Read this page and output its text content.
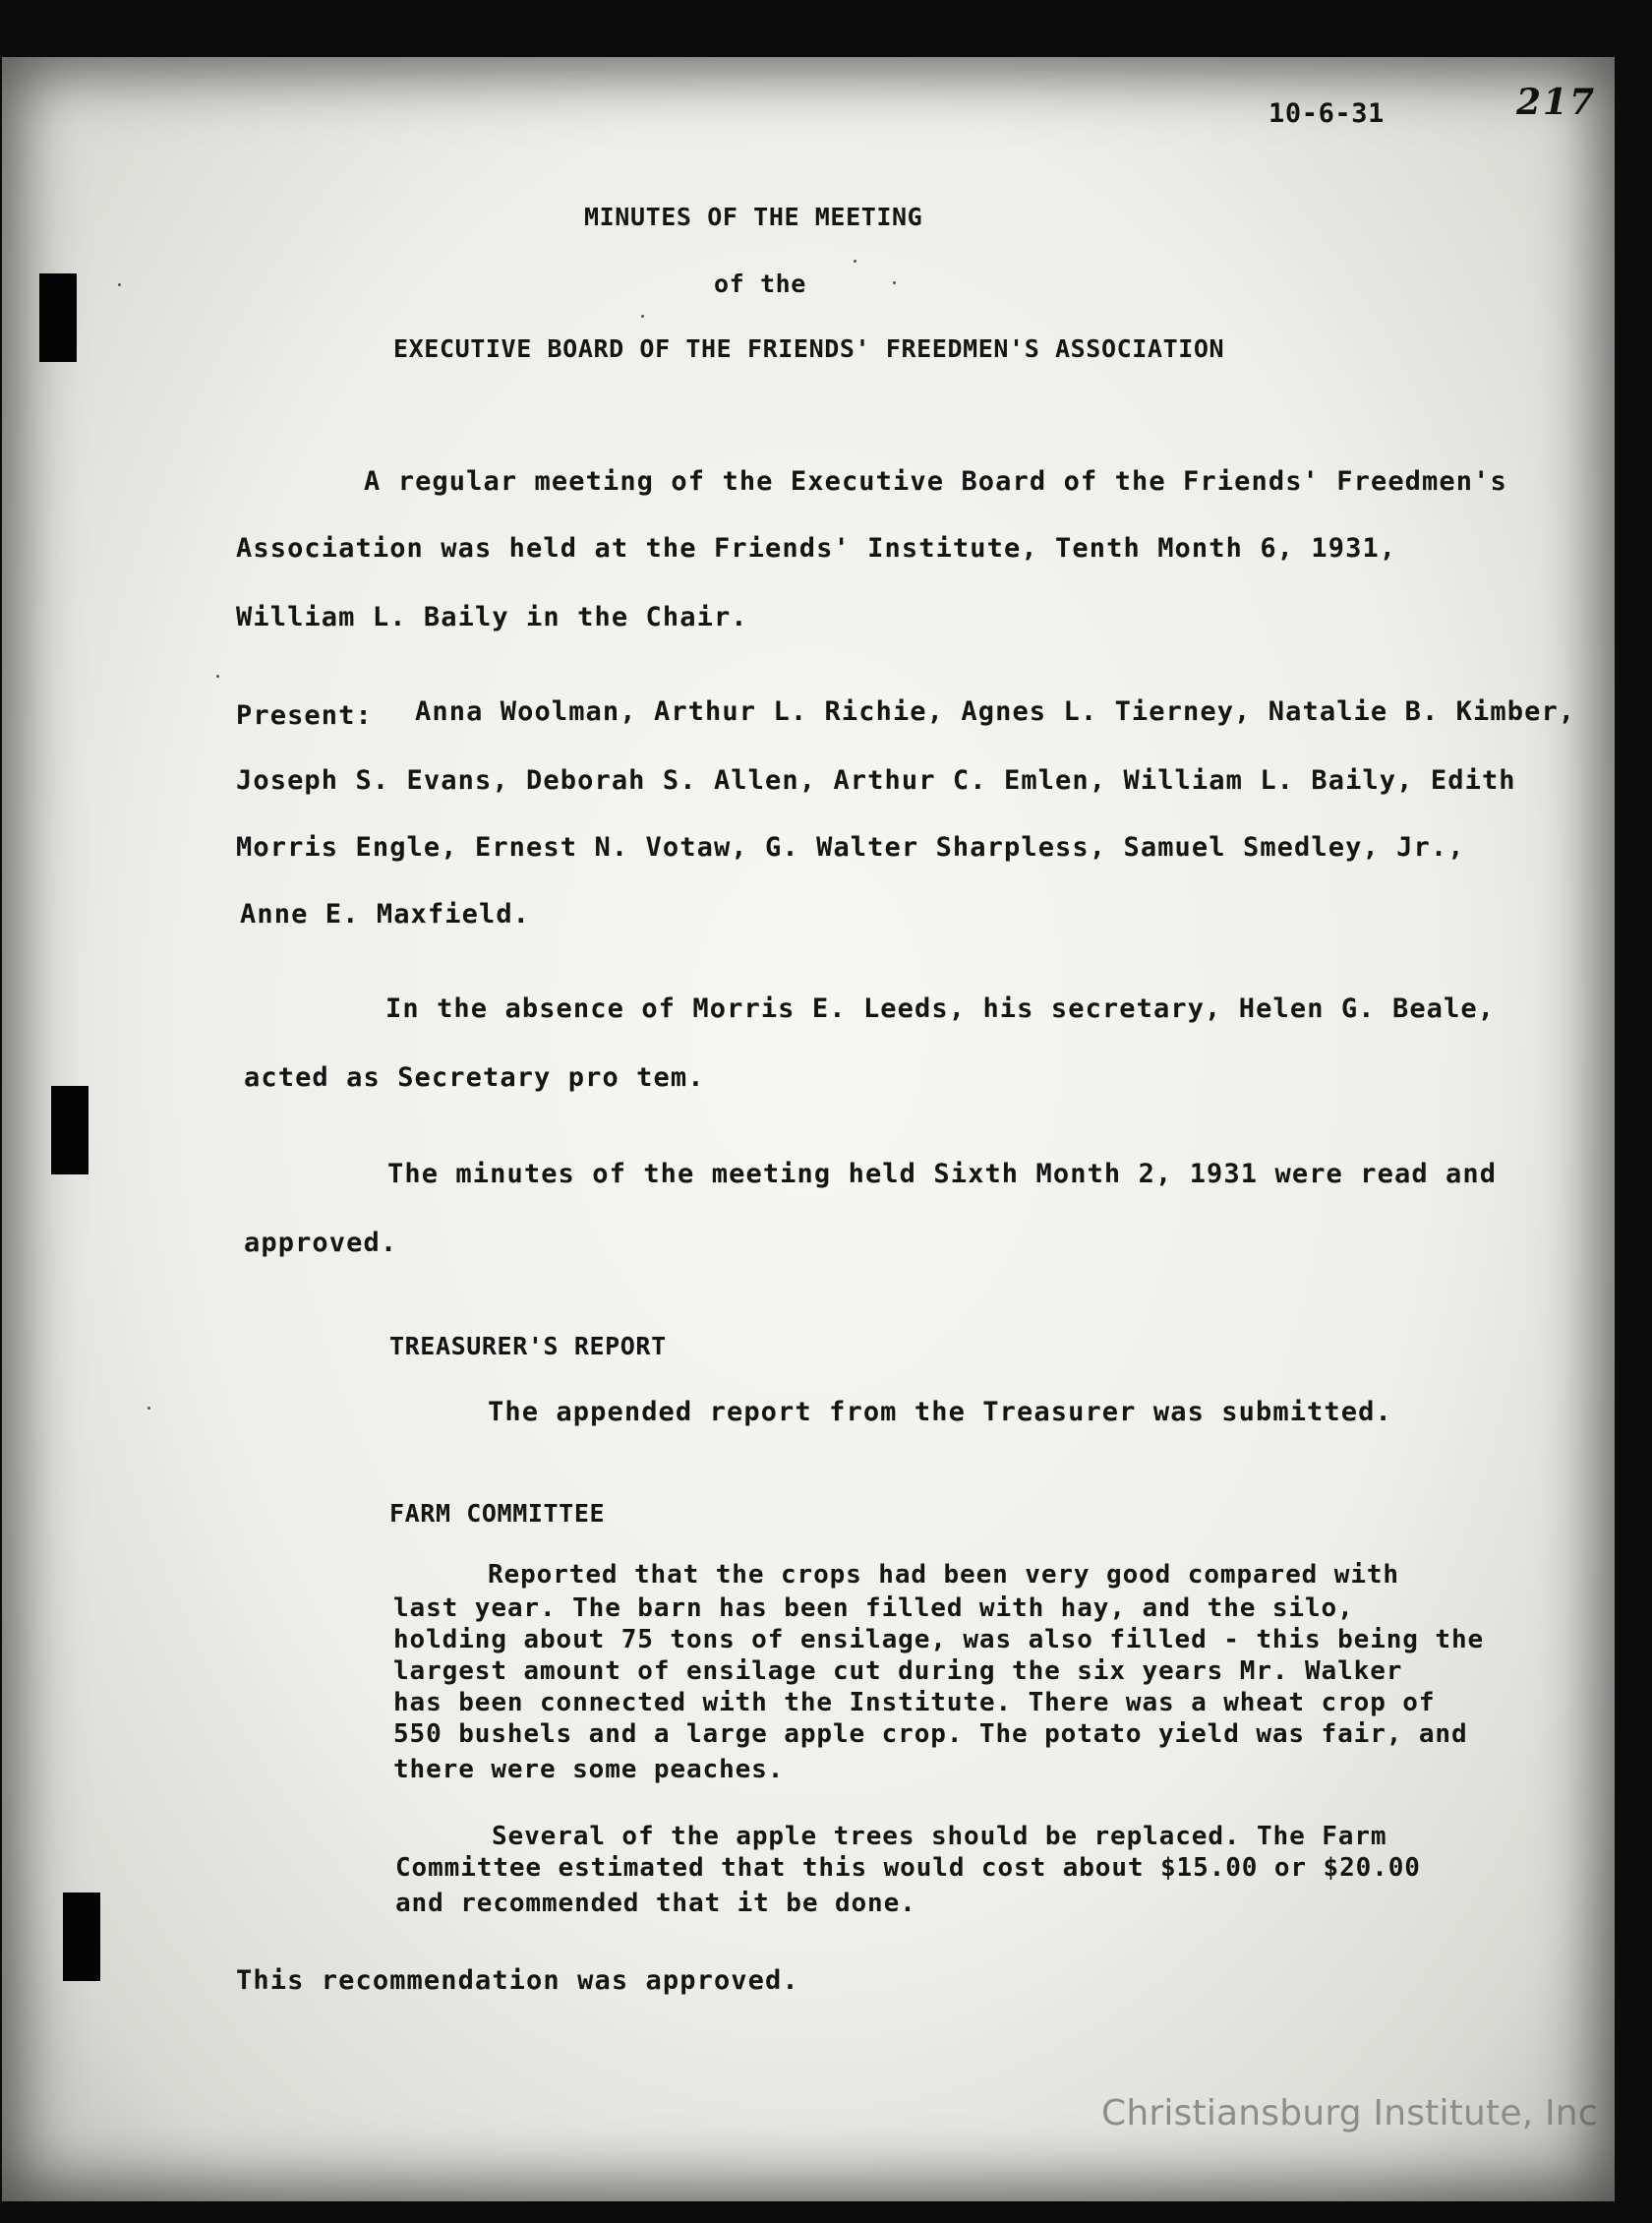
10-6-31	217
MINUTES OF THE MEETING
of the
EXECUTIVE BOARD OF THE FRIENDS' FREEDMEN'S ASSOCIATION
A regular meeting of the Executive Board of the Friends' Freedmen's
Association was held at the Friends' Institute, Tenth Month 6, 1931,
William L. Baily in the Chair.
Present: Anna Woolman, Arthur L. Richie, Agnes L. Tierney, Natalie B. Kimber,
Joseph S. Evans, Deborah S. Allen, Arthur C. Emlen, William L. Baily, Edith
Morris Engle, Ernest N. Votaw, G. Walter Sharpless, Samuel Smedley, Jr.,
Anne E. Maxfield.
In the absence of Morris E. Leeds, his secretary, Helen G. Beale,
acted as Secretary pro tem.
The minutes of the meeting held Sixth Month 2, 1931 were read and
approved.
TREASURER'S REPORT
The appended report from the Treasurer was submitted.
FARM COMMITTEE
Reported that the crops had been very good compared with
last year. The barn has been filled with hay, and the silo,
holding about 75 tons of ensilage, was also filled - this being the
largest amount of ensilage cut during the six years Mr. Walker
has been connected with the Institute. There was a wheat crop of
550 bushels and a large apple crop. The potato yield was fair, and
there were some peaches.
Several of the apple trees should be replaced. The Farm
Committee estimated that this would cost about $15.00 or $20.00
and recommended that it be done.
This recommendation was approved.
Christiansburg Institute, Inc
